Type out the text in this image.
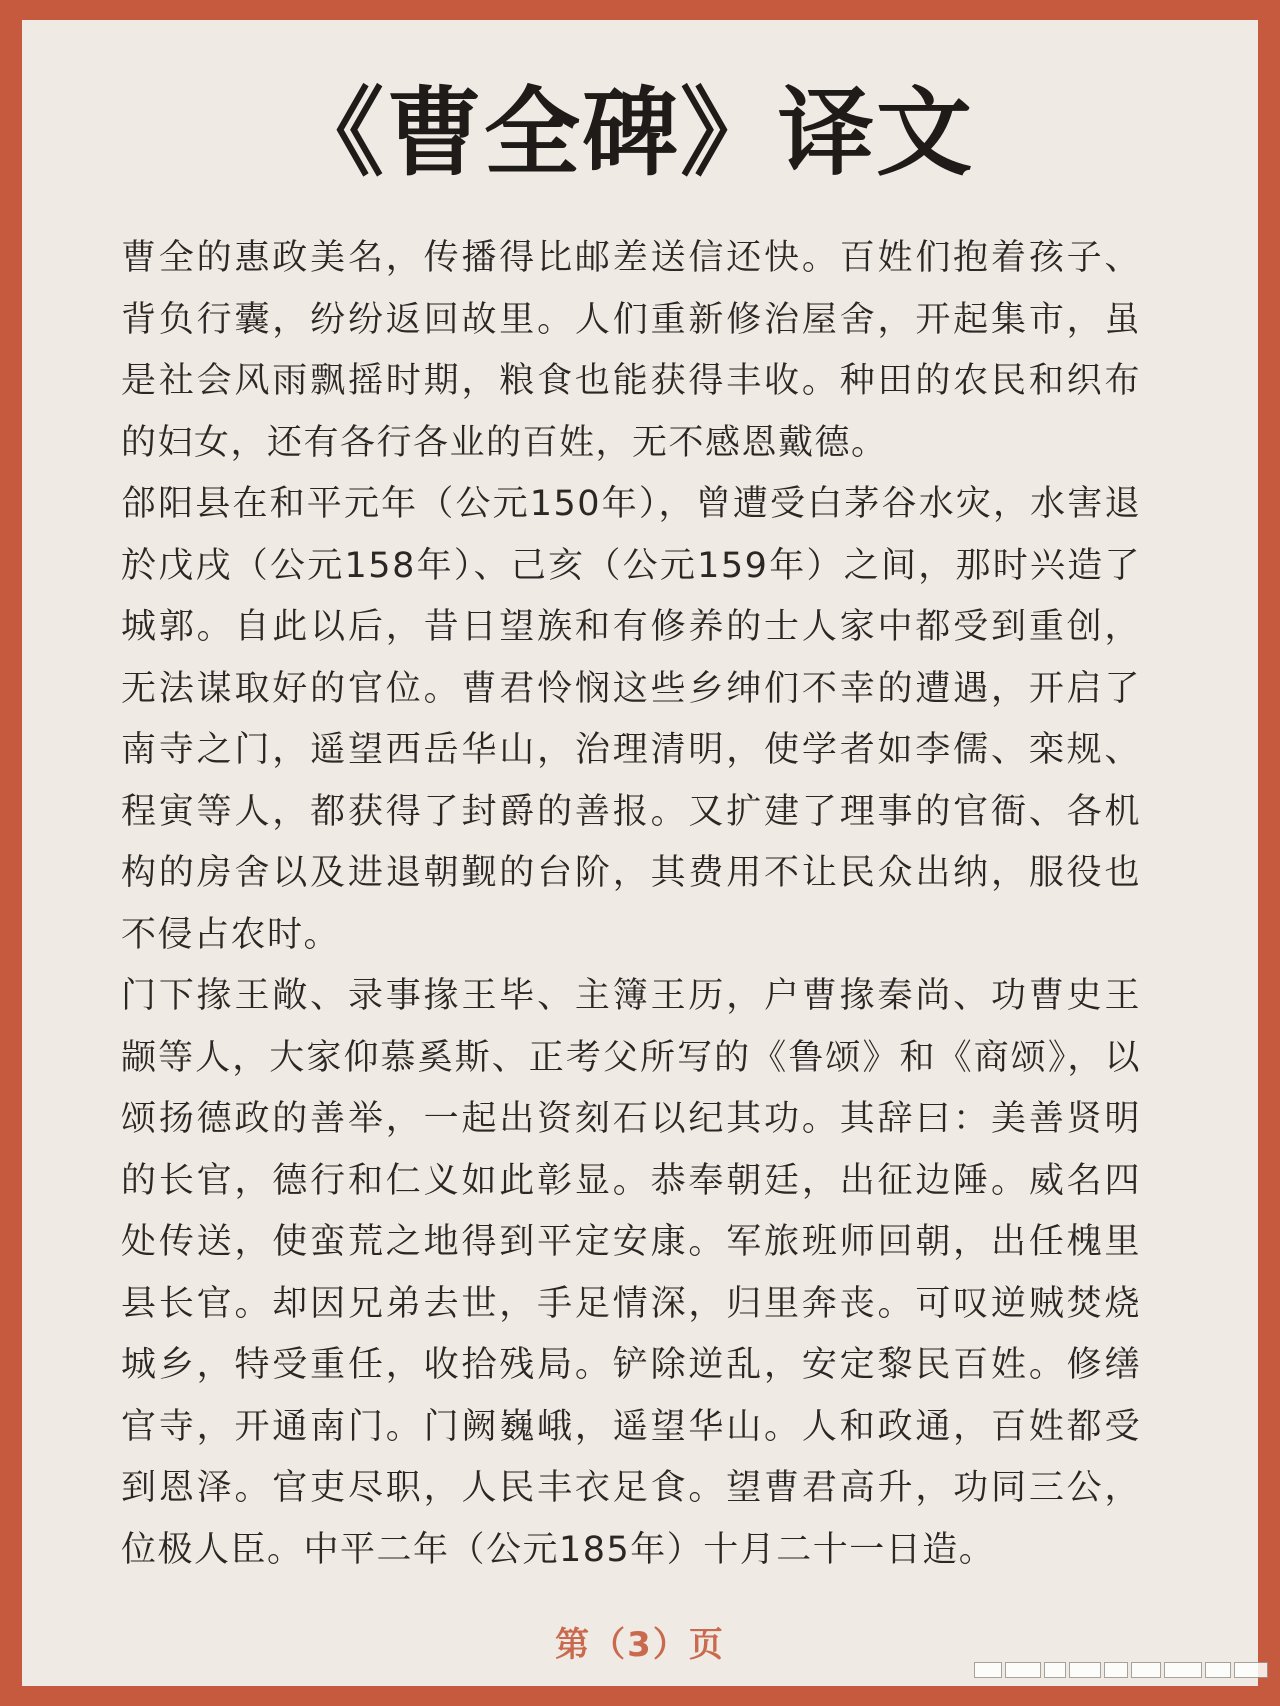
《曹全碑》译文

曹全的惠政美名，传播得比邮差送信还快。百姓们抱着孩子、背负行囊，纷纷返回故里。人们重新修治屋舍，开起集市，虽是社会风雨飘摇时期，粮食也能获得丰收。种田的农民和织布的妇女，还有各行各业的百姓，无不感恩戴德。

郃阳县在和平元年（公元150年），曾遭受白茅谷水灾，水害退於戊戌（公元158年）、己亥（公元159年）之间，那时兴造了城郭。自此以后，昔日望族和有修养的士人家中都受到重创，无法谋取好的官位。曹君怜悯这些乡绅们不幸的遭遇，开启了南寺之门，遥望西岳华山，治理清明，使学者如李儒、栾规、程寅等人，都获得了封爵的善报。又扩建了理事的官衙、各机构的房舍以及进退朝觐的台阶，其费用不让民众出纳，服役也不侵占农时。

门下掾王敞、录事掾王毕、主簿王历，户曹掾秦尚、功曹史王颛等人，大家仰慕奚斯、正考父所写的《鲁颂》和《商颂》，以颂扬德政的善举，一起出资刻石以纪其功。其辞曰：美善贤明的长官，德行和仁义如此彰显。恭奉朝廷，出征边陲。威名四处传送，使蛮荒之地得到平定安康。军旅班师回朝，出任槐里县长官。却因兄弟去世，手足情深，归里奔丧。可叹逆贼焚烧城乡，特受重任，收拾残局。铲除逆乱，安定黎民百姓。修缮官寺，开通南门。门阙巍峨，遥望华山。人和政通，百姓都受到恩泽。官吏尽职，人民丰衣足食。望曹君高升，功同三公，位极人臣。中平二年（公元185年）十月二十一日造。

第（3）页
